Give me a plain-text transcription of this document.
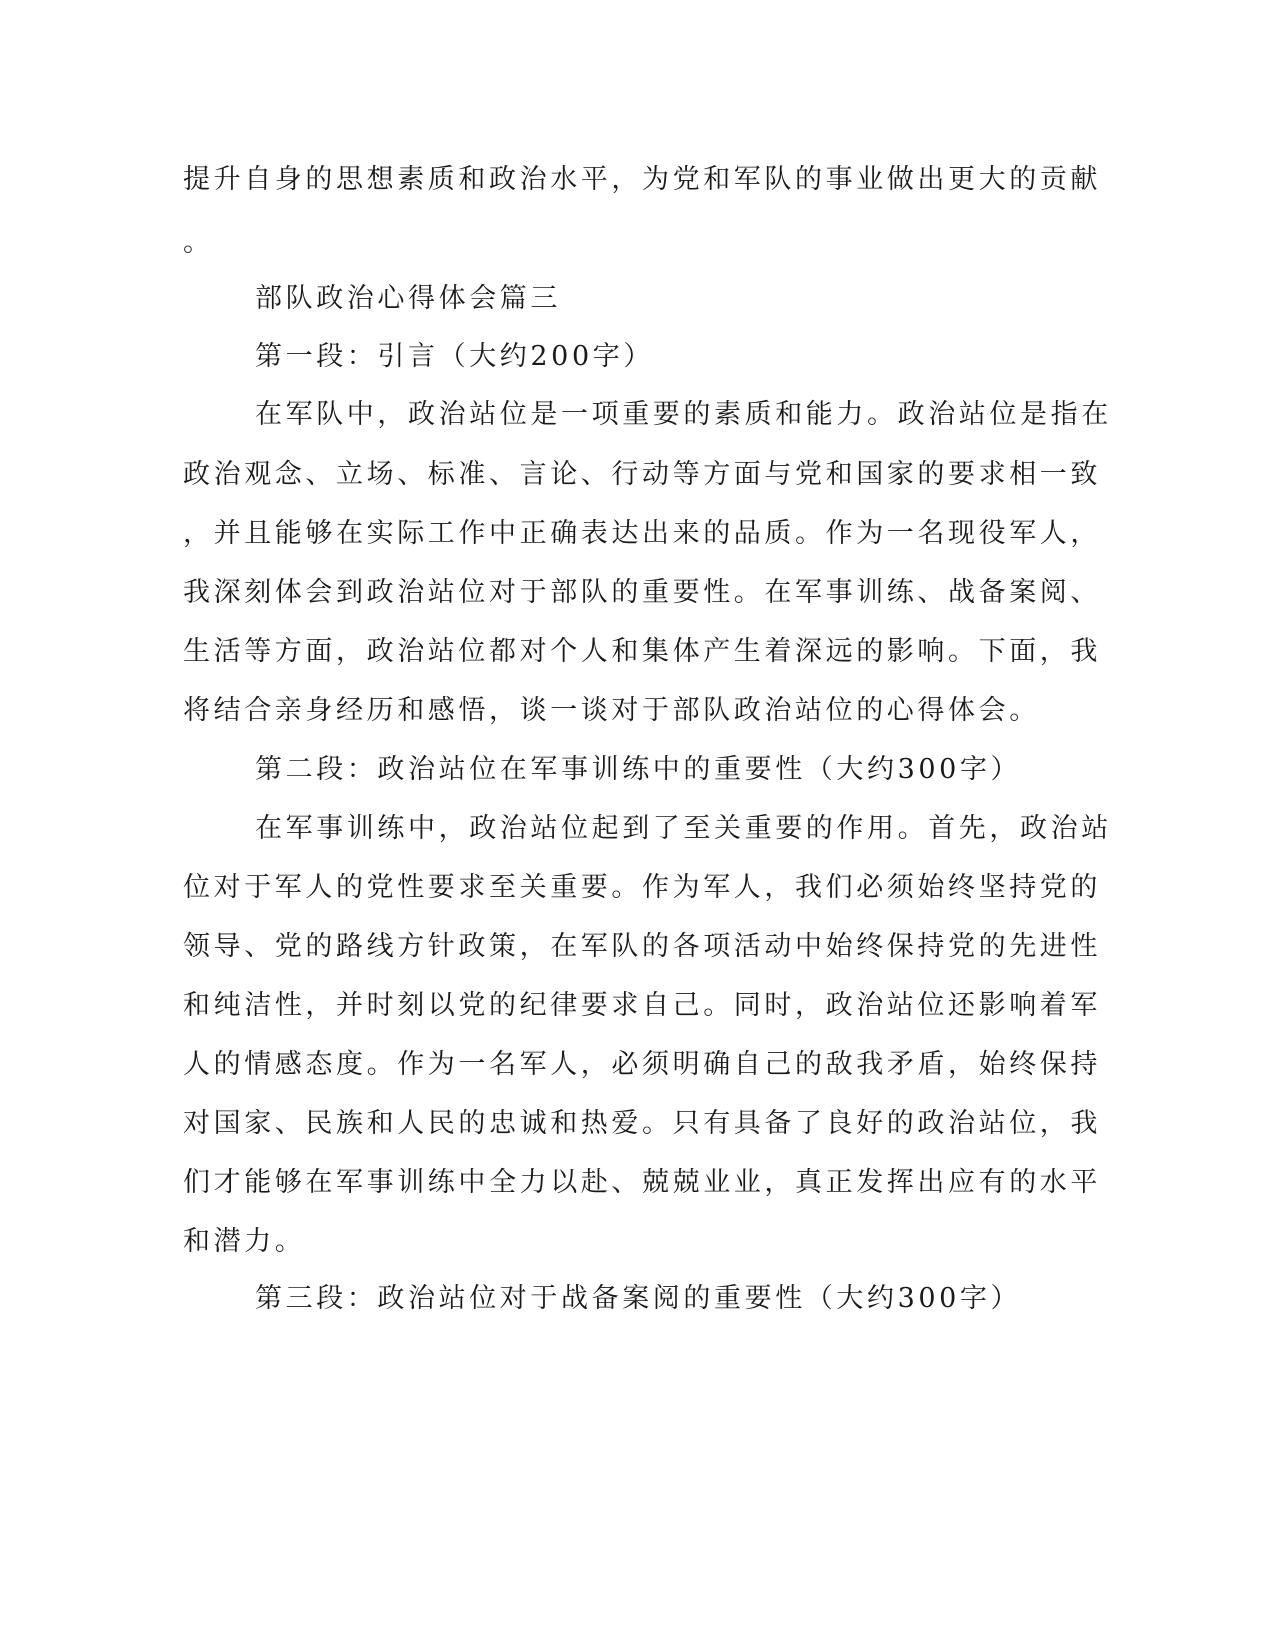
提升自身的思想素质和政治水平，为党和军队的事业做出更大的贡献
。
部队政治心得体会篇三
第一段：引言（大约200字）
在军队中，政治站位是一项重要的素质和能力。政治站位是指在
政治观念、立场、标准、言论、行动等方面与党和国家的要求相一致
，并且能够在实际工作中正确表达出来的品质。作为一名现役军人，
我深刻体会到政治站位对于部队的重要性。在军事训练、战备案阅、
生活等方面，政治站位都对个人和集体产生着深远的影响。下面，我
将结合亲身经历和感悟，谈一谈对于部队政治站位的心得体会。
第二段：政治站位在军事训练中的重要性（大约300字）
在军事训练中，政治站位起到了至关重要的作用。首先，政治站
位对于军人的党性要求至关重要。作为军人，我们必须始终坚持党的
领导、党的路线方针政策，在军队的各项活动中始终保持党的先进性
和纯洁性，并时刻以党的纪律要求自己。同时，政治站位还影响着军
人的情感态度。作为一名军人，必须明确自己的敌我矛盾，始终保持
对国家、民族和人民的忠诚和热爱。只有具备了良好的政治站位，我
们才能够在军事训练中全力以赴、兢兢业业，真正发挥出应有的水平
和潜力。
第三段：政治站位对于战备案阅的重要性（大约300字）
